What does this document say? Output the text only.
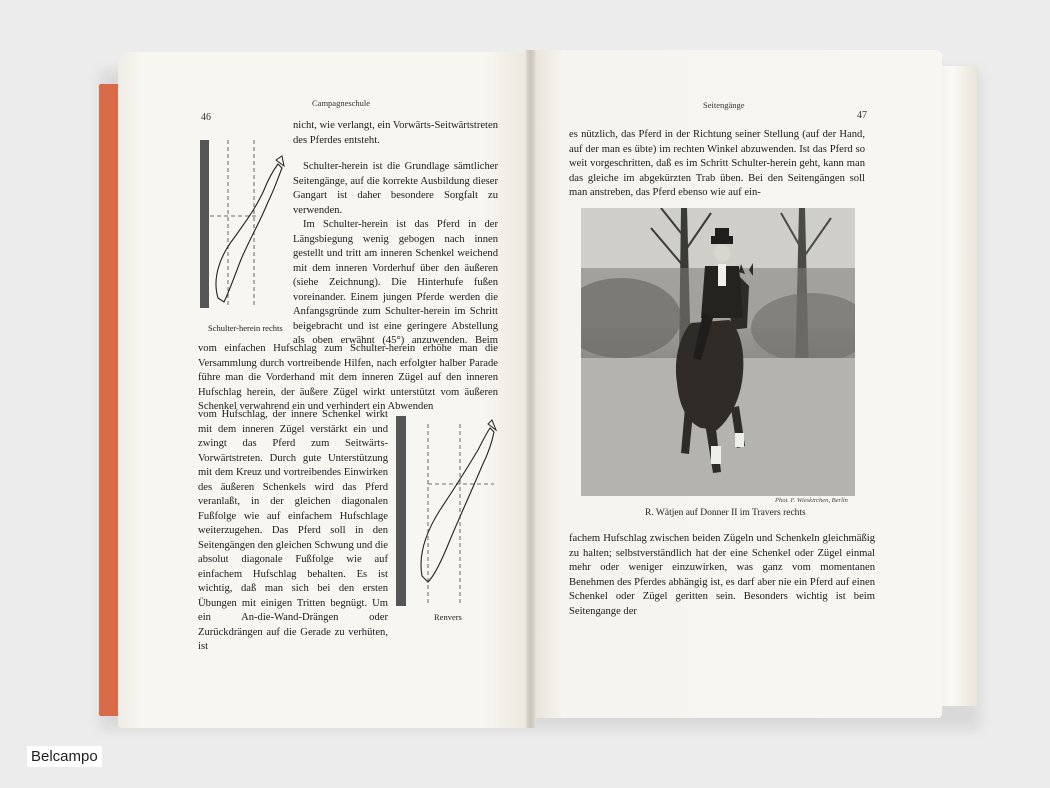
46
Campagneschule
Schulter-herein rechts
Renvers

nicht, wie verlangt, ein Vorwärts-Seitwärtstreten des Pferdes entsteht.

Schulter-herein ist die Grundlage sämtlicher Seitengänge, auf die korrekte Ausbildung dieser Gangart ist daher besondere Sorgfalt zu verwenden.

Im Schulter-herein ist das Pferd in der Längsbiegung wenig gebogen nach innen gestellt und tritt am inneren Schenkel weichend mit dem inneren Vorderhuf über den äußeren (siehe Zeichnung). Die Hinterhufe fußen voreinander. Einem jungen Pferde werden die Anfangsgründe zum Schulter-herein im Schritt beigebracht und ist eine geringere Abstellung als oben erwähnt (45°) anzuwenden. Beim

vom einfachen Hufschlag zum Schulter-herein erhöhe man die Versammlung durch vortreibende Hilfen, nach erfolgter halber Parade führe man die Vorderhand mit dem inneren Zügel auf den inneren Hufschlag herein, der äußere Zügel wirkt unterstützt vom äußeren Schenkel verwahrend ein und verhindert ein Abwenden

vom Hufschlag, der innere Schenkel wirkt mit dem inneren Zügel verstärkt ein und zwingt das Pferd zum Seitwärts-Vorwärtstreten. Durch gute Unterstützung mit dem Kreuz und vortreibendes Einwirken des äußeren Schenkels wird das Pferd veranlaßt, in der gleichen diagonalen Fußfolge wie auf einfachem Hufschlage weiterzugehen. Das Pferd soll in den Seitengängen den gleichen Schwung und die absolut diagonale Fußfolge wie auf einfachem Hufschlag behalten. Es ist wichtig, daß man sich bei den ersten Übungen mit einigen Tritten begnügt. Um ein An-die-Wand-Drängen oder Zurückdrängen auf die Gerade zu verhüten, ist

Seitengänge
47

es nützlich, das Pferd in der Richtung seiner Stellung (auf der Hand, auf der man es übte) im rechten Winkel abzuwenden. Ist das Pferd so weit vorgeschritten, daß es im Schritt Schulter-herein geht, kann man das gleiche im abgekürzten Trab üben. Bei den Seitengängen soll man anstreben, das Pferd ebenso wie auf ein-

Phot. F. Wieskirchen, Berlin
R. Wätjen auf Donner II im Travers rechts

fachem Hufschlag zwischen beiden Zügeln und Schenkeln gleichmäßig zu halten; selbstverständlich hat der eine Schenkel oder Zügel einmal mehr oder weniger einzuwirken, was ganz vom momentanen Benehmen des Pferdes abhängig ist, es darf aber nie ein Pferd auf einen Schenkel oder Zügel geritten sein. Besonders wichtig ist beim Seitengange der

Belcampo
